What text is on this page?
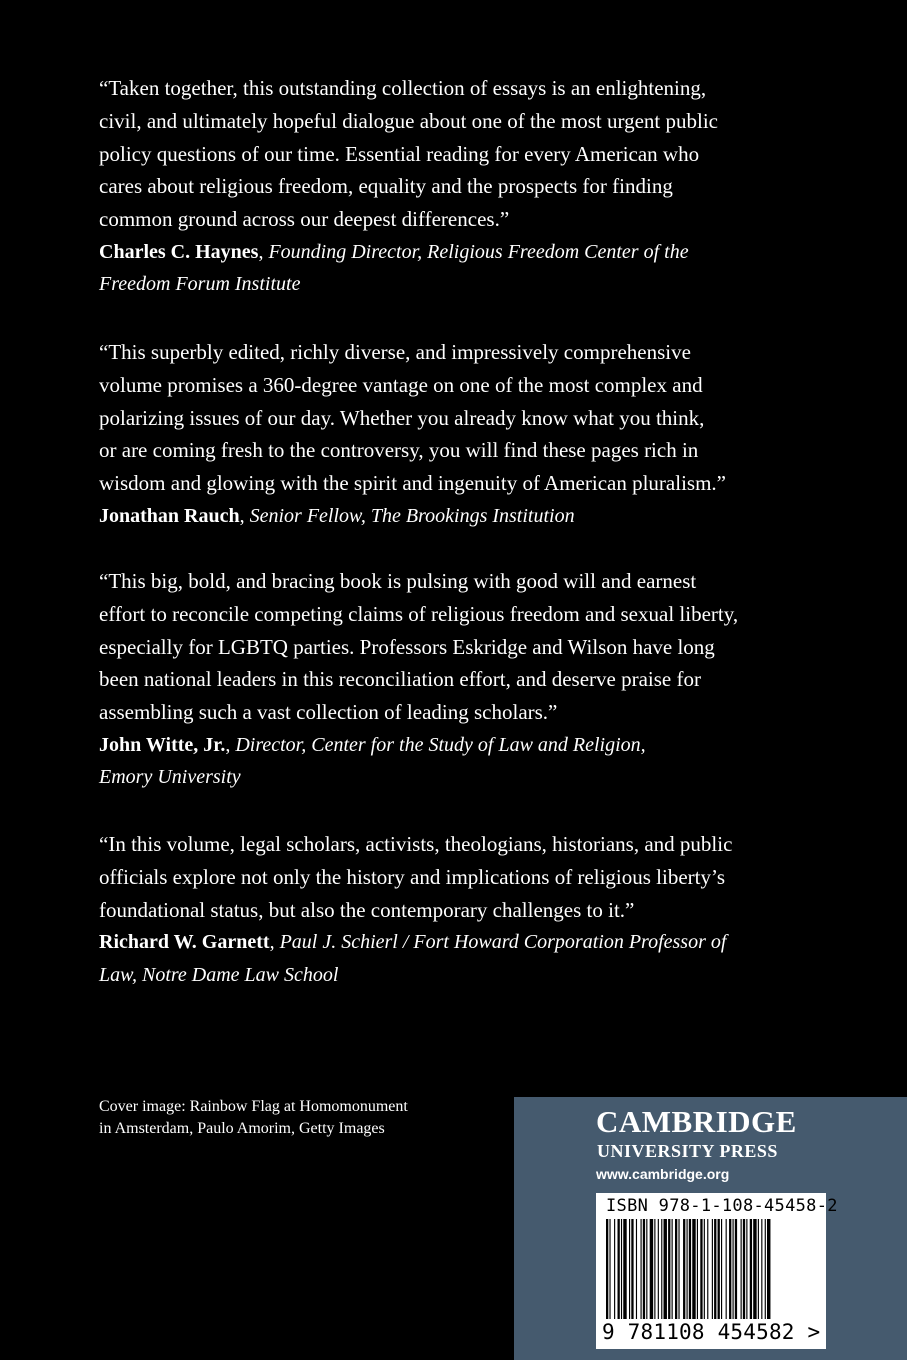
“Taken together, this outstanding collection of essays is an enlightening,
civil, and ultimately hopeful dialogue about one of the most urgent public
policy questions of our time. Essential reading for every American who
cares about religious freedom, equality and the prospects for finding
common ground across our deepest differences.”

Charles C. Haynes, Founding Director, Religious Freedom Center of the
Freedom Forum Institute

“This superbly edited, richly diverse, and impressively comprehensive
volume promises a 360-degree vantage on one of the most complex and
polarizing issues of our day. Whether you already know what you think,
or are coming fresh to the controversy, you will find these pages rich in
wisdom and glowing with the spirit and ingenuity of American pluralism.”

Jonathan Rauch, Senior Fellow, The Brookings Institution

“This big, bold, and bracing book is pulsing with good will and earnest
effort to reconcile competing claims of religious freedom and sexual liberty,
especially for LGBTQ parties. Professors Eskridge and Wilson have long
been national leaders in this reconciliation effort, and deserve praise for
assembling such a vast collection of leading scholars.”

John Witte, Jr., Director, Center for the Study of Law and Religion,
Emory University

“In this volume, legal scholars, activists, theologians, historians, and public
officials explore not only the history and implications of religious liberty’s
foundational status, but also the contemporary challenges to it.”

Richard W. Garnett, Paul J. Schierl / Fort Howard Corporation Professor of
Law, Notre Dame Law School

Cover image: Rainbow Flag at Homomonument
in Amsterdam, Paulo Amorim, Getty Images	CAMBRIDGE
UNIVERSITY PRESS
www.cambridge.org
ISBN 978-1-108-45458-2
9 781108 454582 >
